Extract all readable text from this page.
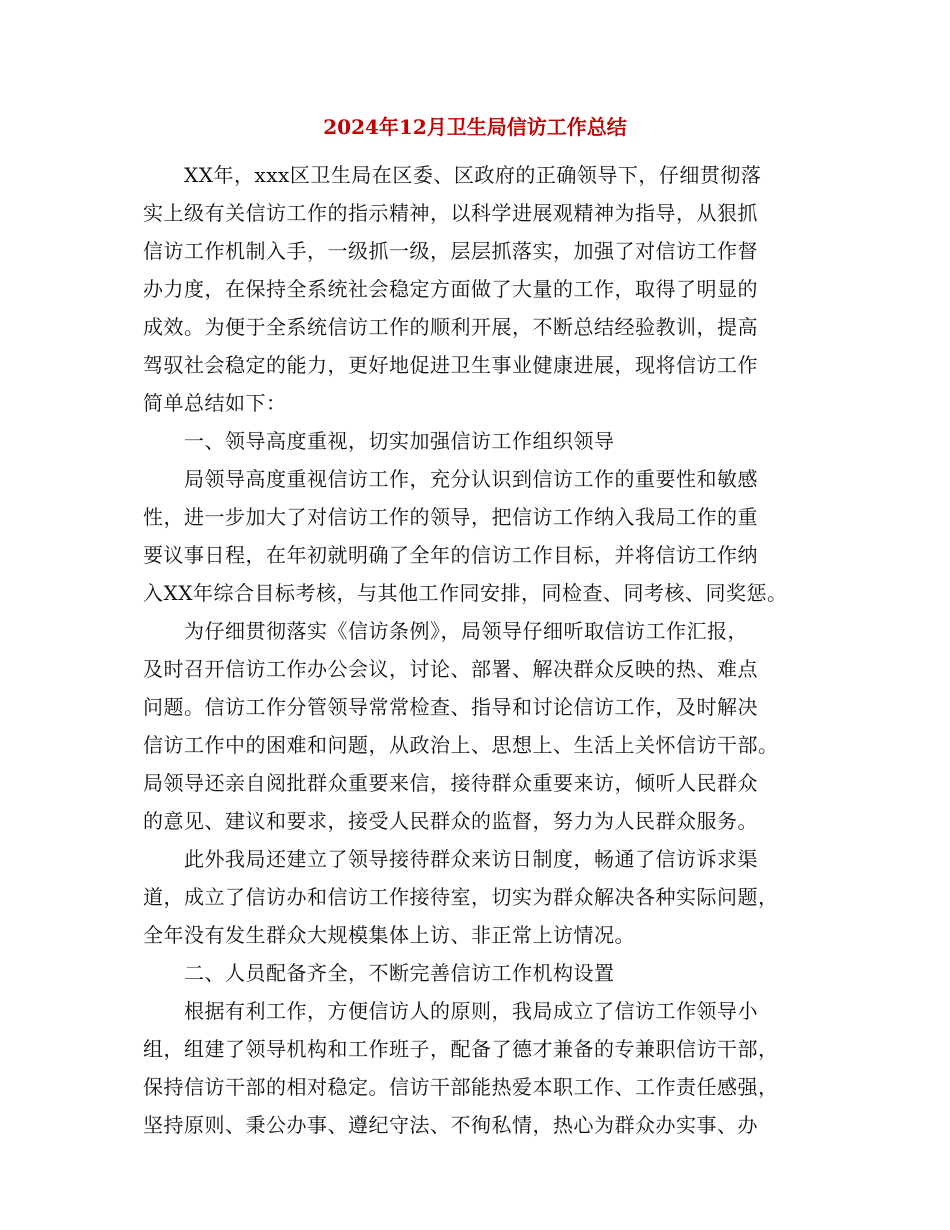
2024年12月卫生局信访工作总结
XX年，xxx区卫生局在区委、区政府的正确领导下，仔细贯彻落
实上级有关信访工作的指示精神，以科学进展观精神为指导，从狠抓
信访工作机制入手，一级抓一级，层层抓落实，加强了对信访工作督
办力度，在保持全系统社会稳定方面做了大量的工作，取得了明显的
成效。为便于全系统信访工作的顺利开展，不断总结经验教训，提高
驾驭社会稳定的能力，更好地促进卫生事业健康进展，现将信访工作
简单总结如下：
一、领导高度重视，切实加强信访工作组织领导
局领导高度重视信访工作，充分认识到信访工作的重要性和敏感
性，进一步加大了对信访工作的领导，把信访工作纳入我局工作的重
要议事日程，在年初就明确了全年的信访工作目标，并将信访工作纳
入XX年综合目标考核，与其他工作同安排，同检查、同考核、同奖惩。
为仔细贯彻落实《信访条例》，局领导仔细听取信访工作汇报，
及时召开信访工作办公会议，讨论、部署、解决群众反映的热、难点
问题。信访工作分管领导常常检查、指导和讨论信访工作，及时解决
信访工作中的困难和问题，从政治上、思想上、生活上关怀信访干部。
局领导还亲自阅批群众重要来信，接待群众重要来访，倾听人民群众
的意见、建议和要求，接受人民群众的监督，努力为人民群众服务。
此外我局还建立了领导接待群众来访日制度，畅通了信访诉求渠
道，成立了信访办和信访工作接待室，切实为群众解决各种实际问题，
全年没有发生群众大规模集体上访、非正常上访情况。
二、人员配备齐全，不断完善信访工作机构设置
根据有利工作，方便信访人的原则，我局成立了信访工作领导小
组，组建了领导机构和工作班子，配备了德才兼备的专兼职信访干部，
保持信访干部的相对稳定。信访干部能热爱本职工作、工作责任感强，
坚持原则、秉公办事、遵纪守法、不徇私情，热心为群众办实事、办
